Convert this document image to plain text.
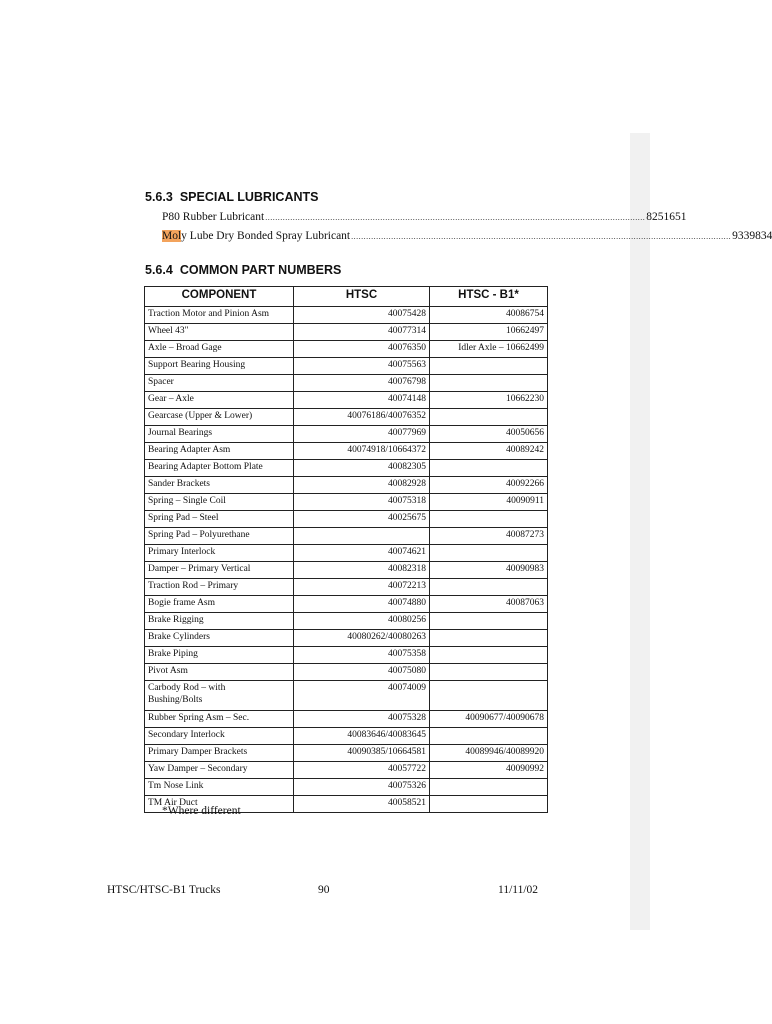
5.6.3 SPECIAL LUBRICANTS
P80 Rubber Lubricant ........................................................................................................................................................ 8251651
Moly Lube Dry Bonded Spray Lubricant ........................................................................................................................................................ 9339834
5.6.4 COMMON PART NUMBERS
COMPONENT	HTSC	HTSC - B1*
Traction Motor and Pinion Asm	40075428	40086754
Wheel 43"	40077314	10662497
Axle – Broad Gage	40076350	Idler Axle – 10662499
Support Bearing Housing	40075563	
Spacer	40076798	
Gear – Axle	40074148	10662230
Gearcase (Upper & Lower)	40076186/40076352	
Journal Bearings	40077969	40050656
Bearing Adapter Asm	40074918/10664372	40089242
Bearing Adapter Bottom Plate	40082305	
Sander Brackets	40082928	40092266
Spring – Single Coil	40075318	40090911
Spring Pad – Steel	40025675	
Spring Pad – Polyurethane		40087273
Primary Interlock	40074621	
Damper – Primary Vertical	40082318	40090983
Traction Rod – Primary	40072213	
Bogie frame Asm	40074880	40087063
Brake Rigging	40080256	
Brake Cylinders	40080262/40080263	
Brake Piping	40075358	
Pivot Asm	40075080	
Carbody Rod – with
Bushing/Bolts	40074009	
Rubber Spring Asm – Sec.	40075328	40090677/40090678
Secondary Interlock	40083646/40083645	
Primary Damper Brackets	40090385/10664581	40089946/40089920
Yaw Damper – Secondary	40057722	40090992
Tm Nose Link	40075326	
TM Air Duct	40058521	
*Where different
HTSC/HTSC-B1 Trucks	90	11/11/02
